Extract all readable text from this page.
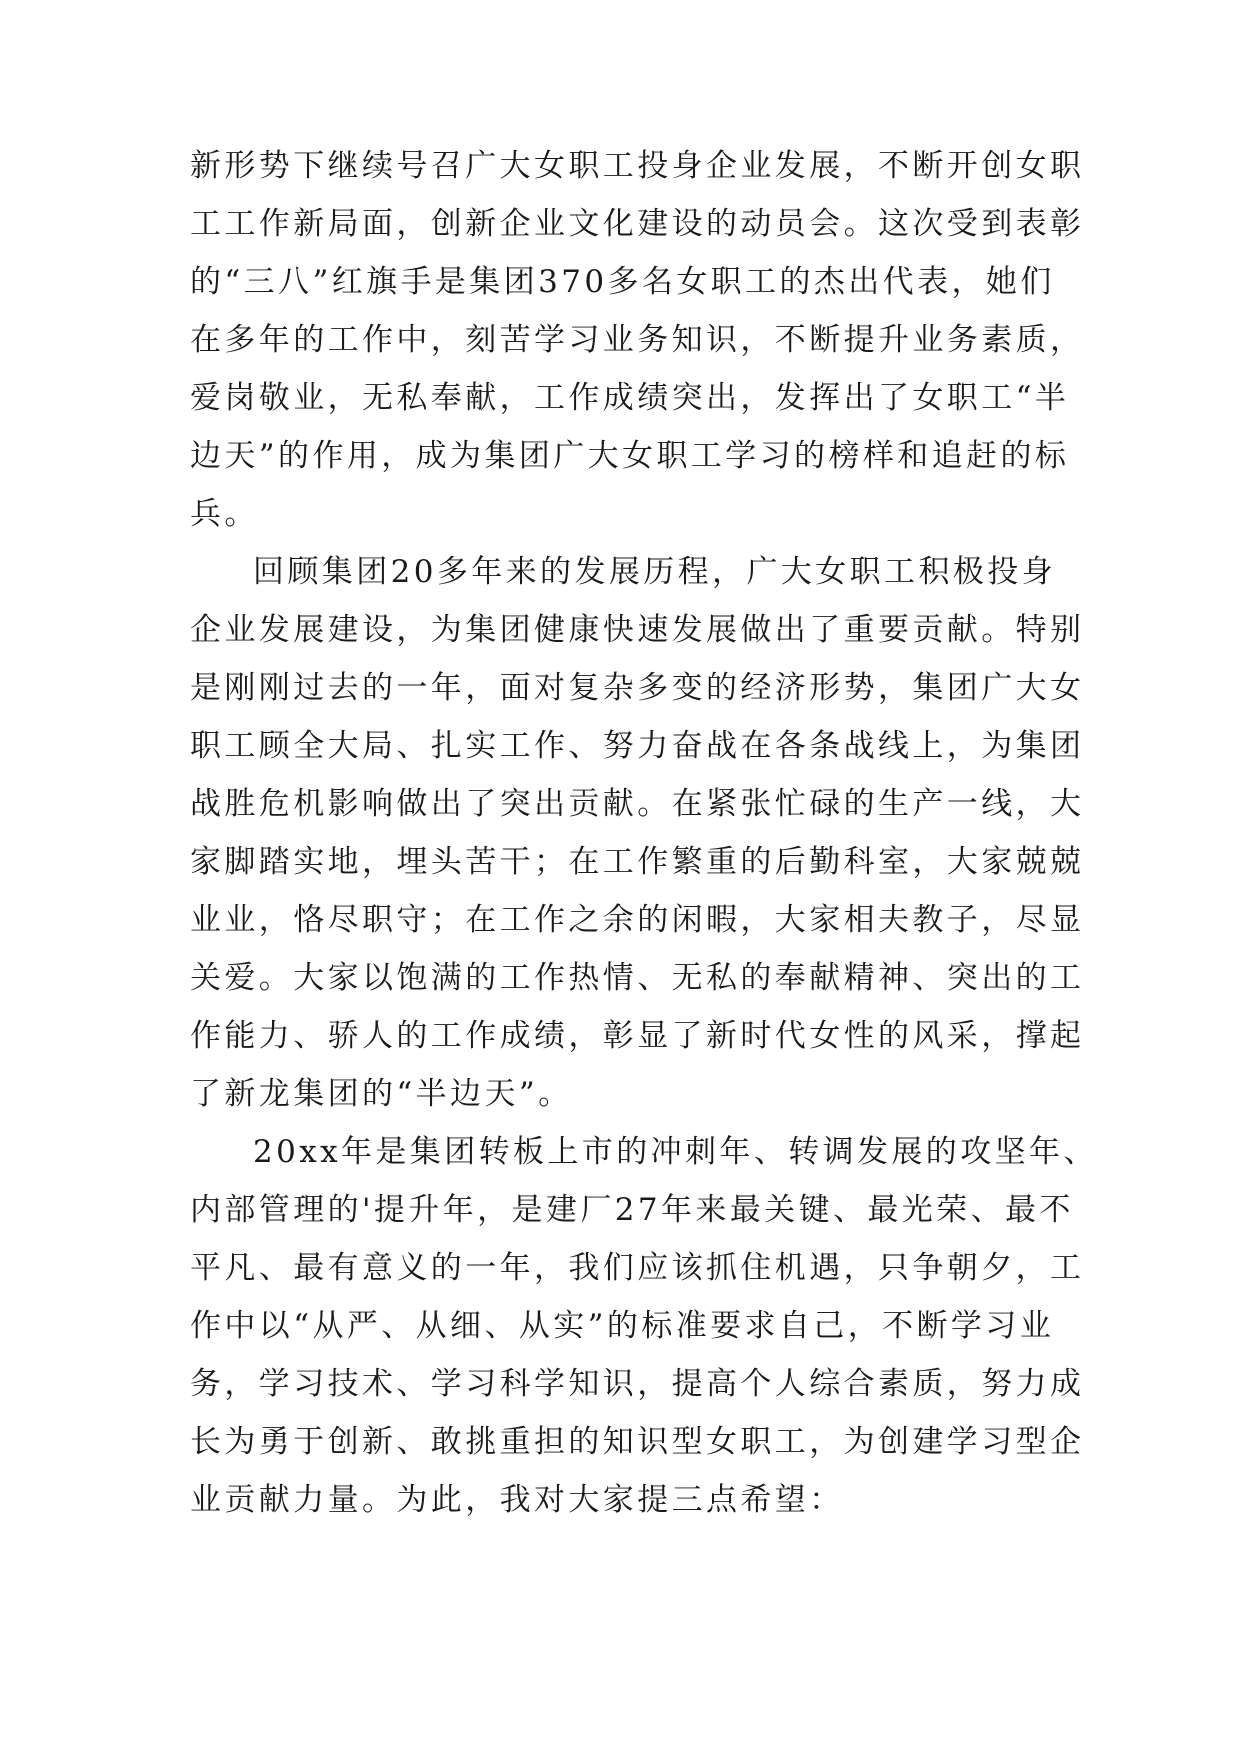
新形势下继续号召广大女职工投身企业发展，不断开创女职
工工作新局面，创新企业文化建设的动员会。这次受到表彰
的“三八”红旗手是集团370多名女职工的杰出代表，她们
在多年的工作中，刻苦学习业务知识，不断提升业务素质，
爱岗敬业，无私奉献，工作成绩突出，发挥出了女职工“半
边天”的作用，成为集团广大女职工学习的榜样和追赶的标
兵。
回顾集团20多年来的发展历程，广大女职工积极投身
企业发展建设，为集团健康快速发展做出了重要贡献。特别
是刚刚过去的一年，面对复杂多变的经济形势，集团广大女
职工顾全大局、扎实工作、努力奋战在各条战线上，为集团
战胜危机影响做出了突出贡献。在紧张忙碌的生产一线，大
家脚踏实地，埋头苦干；在工作繁重的后勤科室，大家兢兢
业业，恪尽职守；在工作之余的闲暇，大家相夫教子，尽显
关爱。大家以饱满的工作热情、无私的奉献精神、突出的工
作能力、骄人的工作成绩，彰显了新时代女性的风采，撑起
了新龙集团的“半边天”。
20xx年是集团转板上市的冲刺年、转调发展的攻坚年、
内部管理的'提升年，是建厂27年来最关键、最光荣、最不
平凡、最有意义的一年，我们应该抓住机遇，只争朝夕，工
作中以“从严、从细、从实”的标准要求自己，不断学习业
务，学习技术、学习科学知识，提高个人综合素质，努力成
长为勇于创新、敢挑重担的知识型女职工，为创建学习型企
业贡献力量。为此，我对大家提三点希望：
